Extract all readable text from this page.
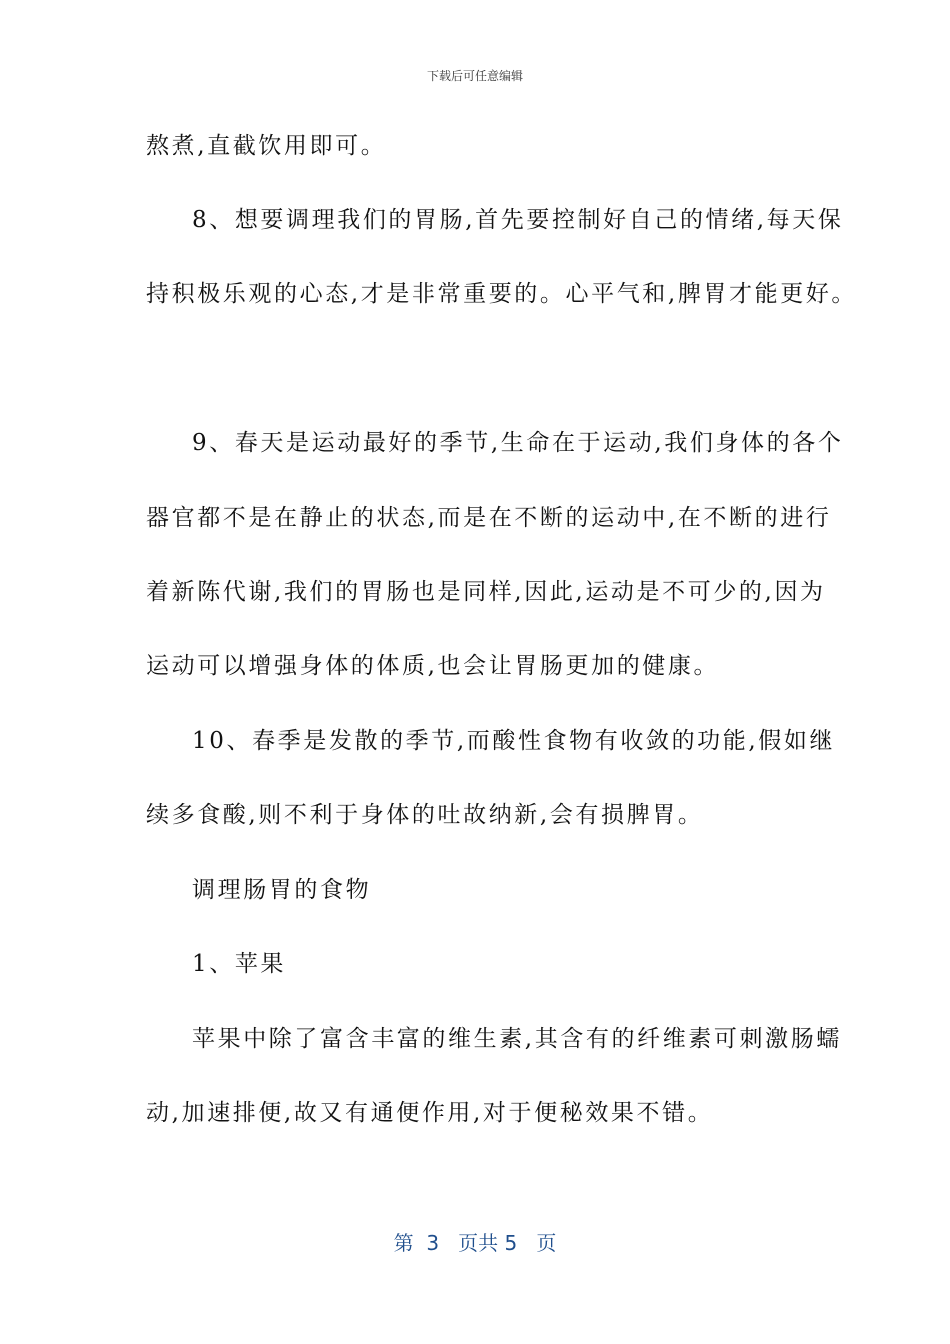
下载后可任意编辑
熬煮,直截饮用即可。
8、想要调理我们的胃肠,首先要控制好自己的情绪,每天保
持积极乐观的心态,才是非常重要的。心平气和,脾胃才能更好。
9、春天是运动最好的季节,生命在于运动,我们身体的各个
器官都不是在静止的状态,而是在不断的运动中,在不断的进行
着新陈代谢,我们的胃肠也是同样,因此,运动是不可少的,因为
运动可以增强身体的体质,也会让胃肠更加的健康。
10、春季是发散的季节,而酸性食物有收敛的功能,假如继
续多食酸,则不利于身体的吐故纳新,会有损脾胃。
调理肠胃的食物
1、苹果
苹果中除了富含丰富的维生素,其含有的纤维素可刺激肠蠕
动,加速排便,故又有通便作用,对于便秘效果不错。
第  3   页共 5   页
